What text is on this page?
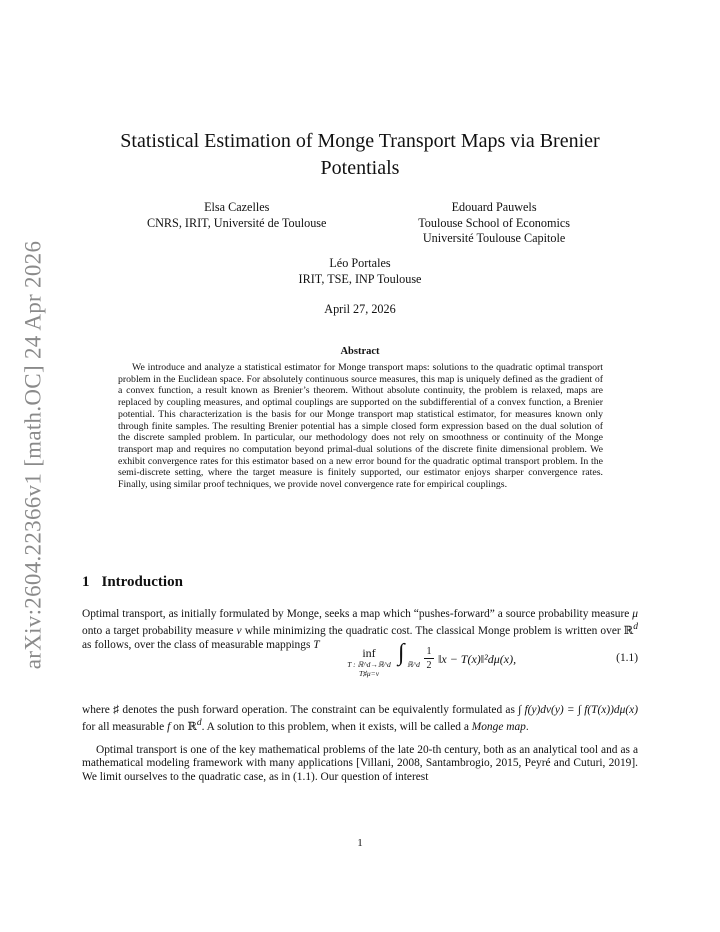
arXiv:2604.22366v1 [math.OC] 24 Apr 2026
Statistical Estimation of Monge Transport Maps via Brenier Potentials
Elsa Cazelles
CNRS, IRIT, Université de Toulouse
Edouard Pauwels
Toulouse School of Economics
Université Toulouse Capitole
Léo Portales
IRIT, TSE, INP Toulouse
April 27, 2026
Abstract

We introduce and analyze a statistical estimator for Monge transport maps: solutions to the quadratic optimal transport problem in the Euclidean space. For absolutely continuous source measures, this map is uniquely defined as the gradient of a convex function, a result known as Brenier’s theorem. Without absolute continuity, the problem is relaxed, maps are replaced by coupling measures, and optimal couplings are supported on the subdifferential of a convex function, a Brenier potential. This characterization is the basis for our Monge transport map statistical estimator, for measures known only through finite samples. The resulting Brenier potential has a simple closed form expression based on the dual solution of the discrete sampled problem. In particular, our methodology does not rely on smoothness or continuity of the Monge transport map and requires no computation beyond primal-dual solutions of the discrete finite dimensional problem. We exhibit convergence rates for this estimator based on a new error bound for the quadratic optimal transport problem. In the semi-discrete setting, where the target measure is finitely supported, our estimator enjoys sharper convergence rates. Finally, using similar proof techniques, we provide novel convergence rate for empirical couplings.

1 Introduction

Optimal transport, as initially formulated by Monge, seeks a map which “pushes-forward” a source probability measure μ onto a target probability measure ν while minimizing the quadratic cost. The classical Monge problem is written over ℝ$^d$ as follows, over the class of measurable mappings T

inf
T : ℝ^d→ℝ^d
T♯μ=ν
∫ ℝ^d
1
2 ‖x − T(x)‖²dμ(x),	(1.1)

where ♯ denotes the push forward operation. The constraint can be equivalently formulated as ∫ f(y)dν(y) = ∫ f(T(x))dμ(x) for all measurable f on ℝ$^d$. A solution to this problem, when it exists, will be called a Monge map.

Optimal transport is one of the key mathematical problems of the late 20-th century, both as an analytical tool and as a mathematical modeling framework with many applications [Villani, 2008, Santambrogio, 2015, Peyré and Cuturi, 2019]. We limit ourselves to the quadratic case, as in (1.1). Our question of interest

1
